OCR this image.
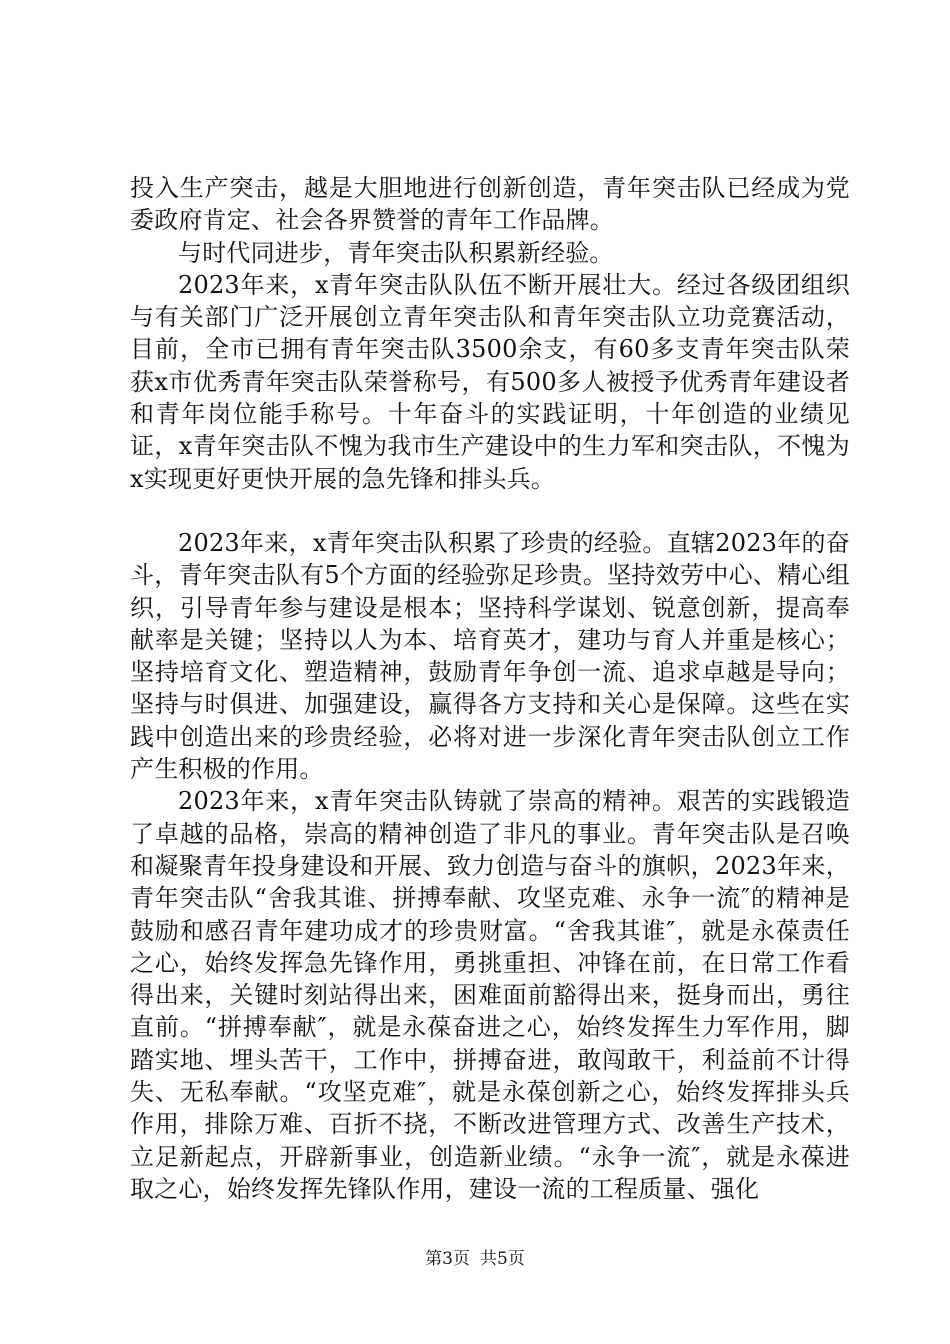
投入生产突击，越是大胆地进行创新创造，青年突击队已经成为党委政府肯定、社会各界赞誉的青年工作品牌。

与时代同进步，青年突击队积累新经验。

2023年来，x青年突击队队伍不断开展壮大。经过各级团组织与有关部门广泛开展创立青年突击队和青年突击队立功竞赛活动，目前，全市已拥有青年突击队3500余支，有60多支青年突击队荣获x市优秀青年突击队荣誉称号，有500多人被授予优秀青年建设者和青年岗位能手称号。十年奋斗的实践证明，十年创造的业绩见证，x青年突击队不愧为我市生产建设中的生力军和突击队，不愧为x实现更好更快开展的急先锋和排头兵。

2023年来，x青年突击队积累了珍贵的经验。直辖2023年的奋斗，青年突击队有5个方面的经验弥足珍贵。坚持效劳中心、精心组织，引导青年参与建设是根本；坚持科学谋划、锐意创新，提高奉献率是关键；坚持以人为本、培育英才，建功与育人并重是核心；坚持培育文化、塑造精神，鼓励青年争创一流、追求卓越是导向；坚持与时俱进、加强建设，赢得各方支持和关心是保障。这些在实践中创造出来的珍贵经验，必将对进一步深化青年突击队创立工作产生积极的作用。

2023年来，x青年突击队铸就了崇高的精神。艰苦的实践锻造了卓越的品格，崇高的精神创造了非凡的事业。青年突击队是召唤和凝聚青年投身建设和开展、致力创造与奋斗的旗帜，2023年来，青年突击队“舍我其谁、拼搏奉献、攻坚克难、永争一流″的精神是鼓励和感召青年建功成才的珍贵财富。“舍我其谁″，就是永葆责任之心，始终发挥急先锋作用，勇挑重担、冲锋在前，在日常工作看得出来，关键时刻站得出来，困难面前豁得出来，挺身而出，勇往直前。“拼搏奉献″，就是永葆奋进之心，始终发挥生力军作用，脚踏实地、埋头苦干，工作中，拼搏奋进，敢闯敢干，利益前不计得失、无私奉献。“攻坚克难″，就是永葆创新之心，始终发挥排头兵作用，排除万难、百折不挠，不断改进管理方式、改善生产技术，立足新起点，开辟新事业，创造新业绩。“永争一流″，就是永葆进取之心，始终发挥先锋队作用，建设一流的工程质量、强化

第3页 共5页
